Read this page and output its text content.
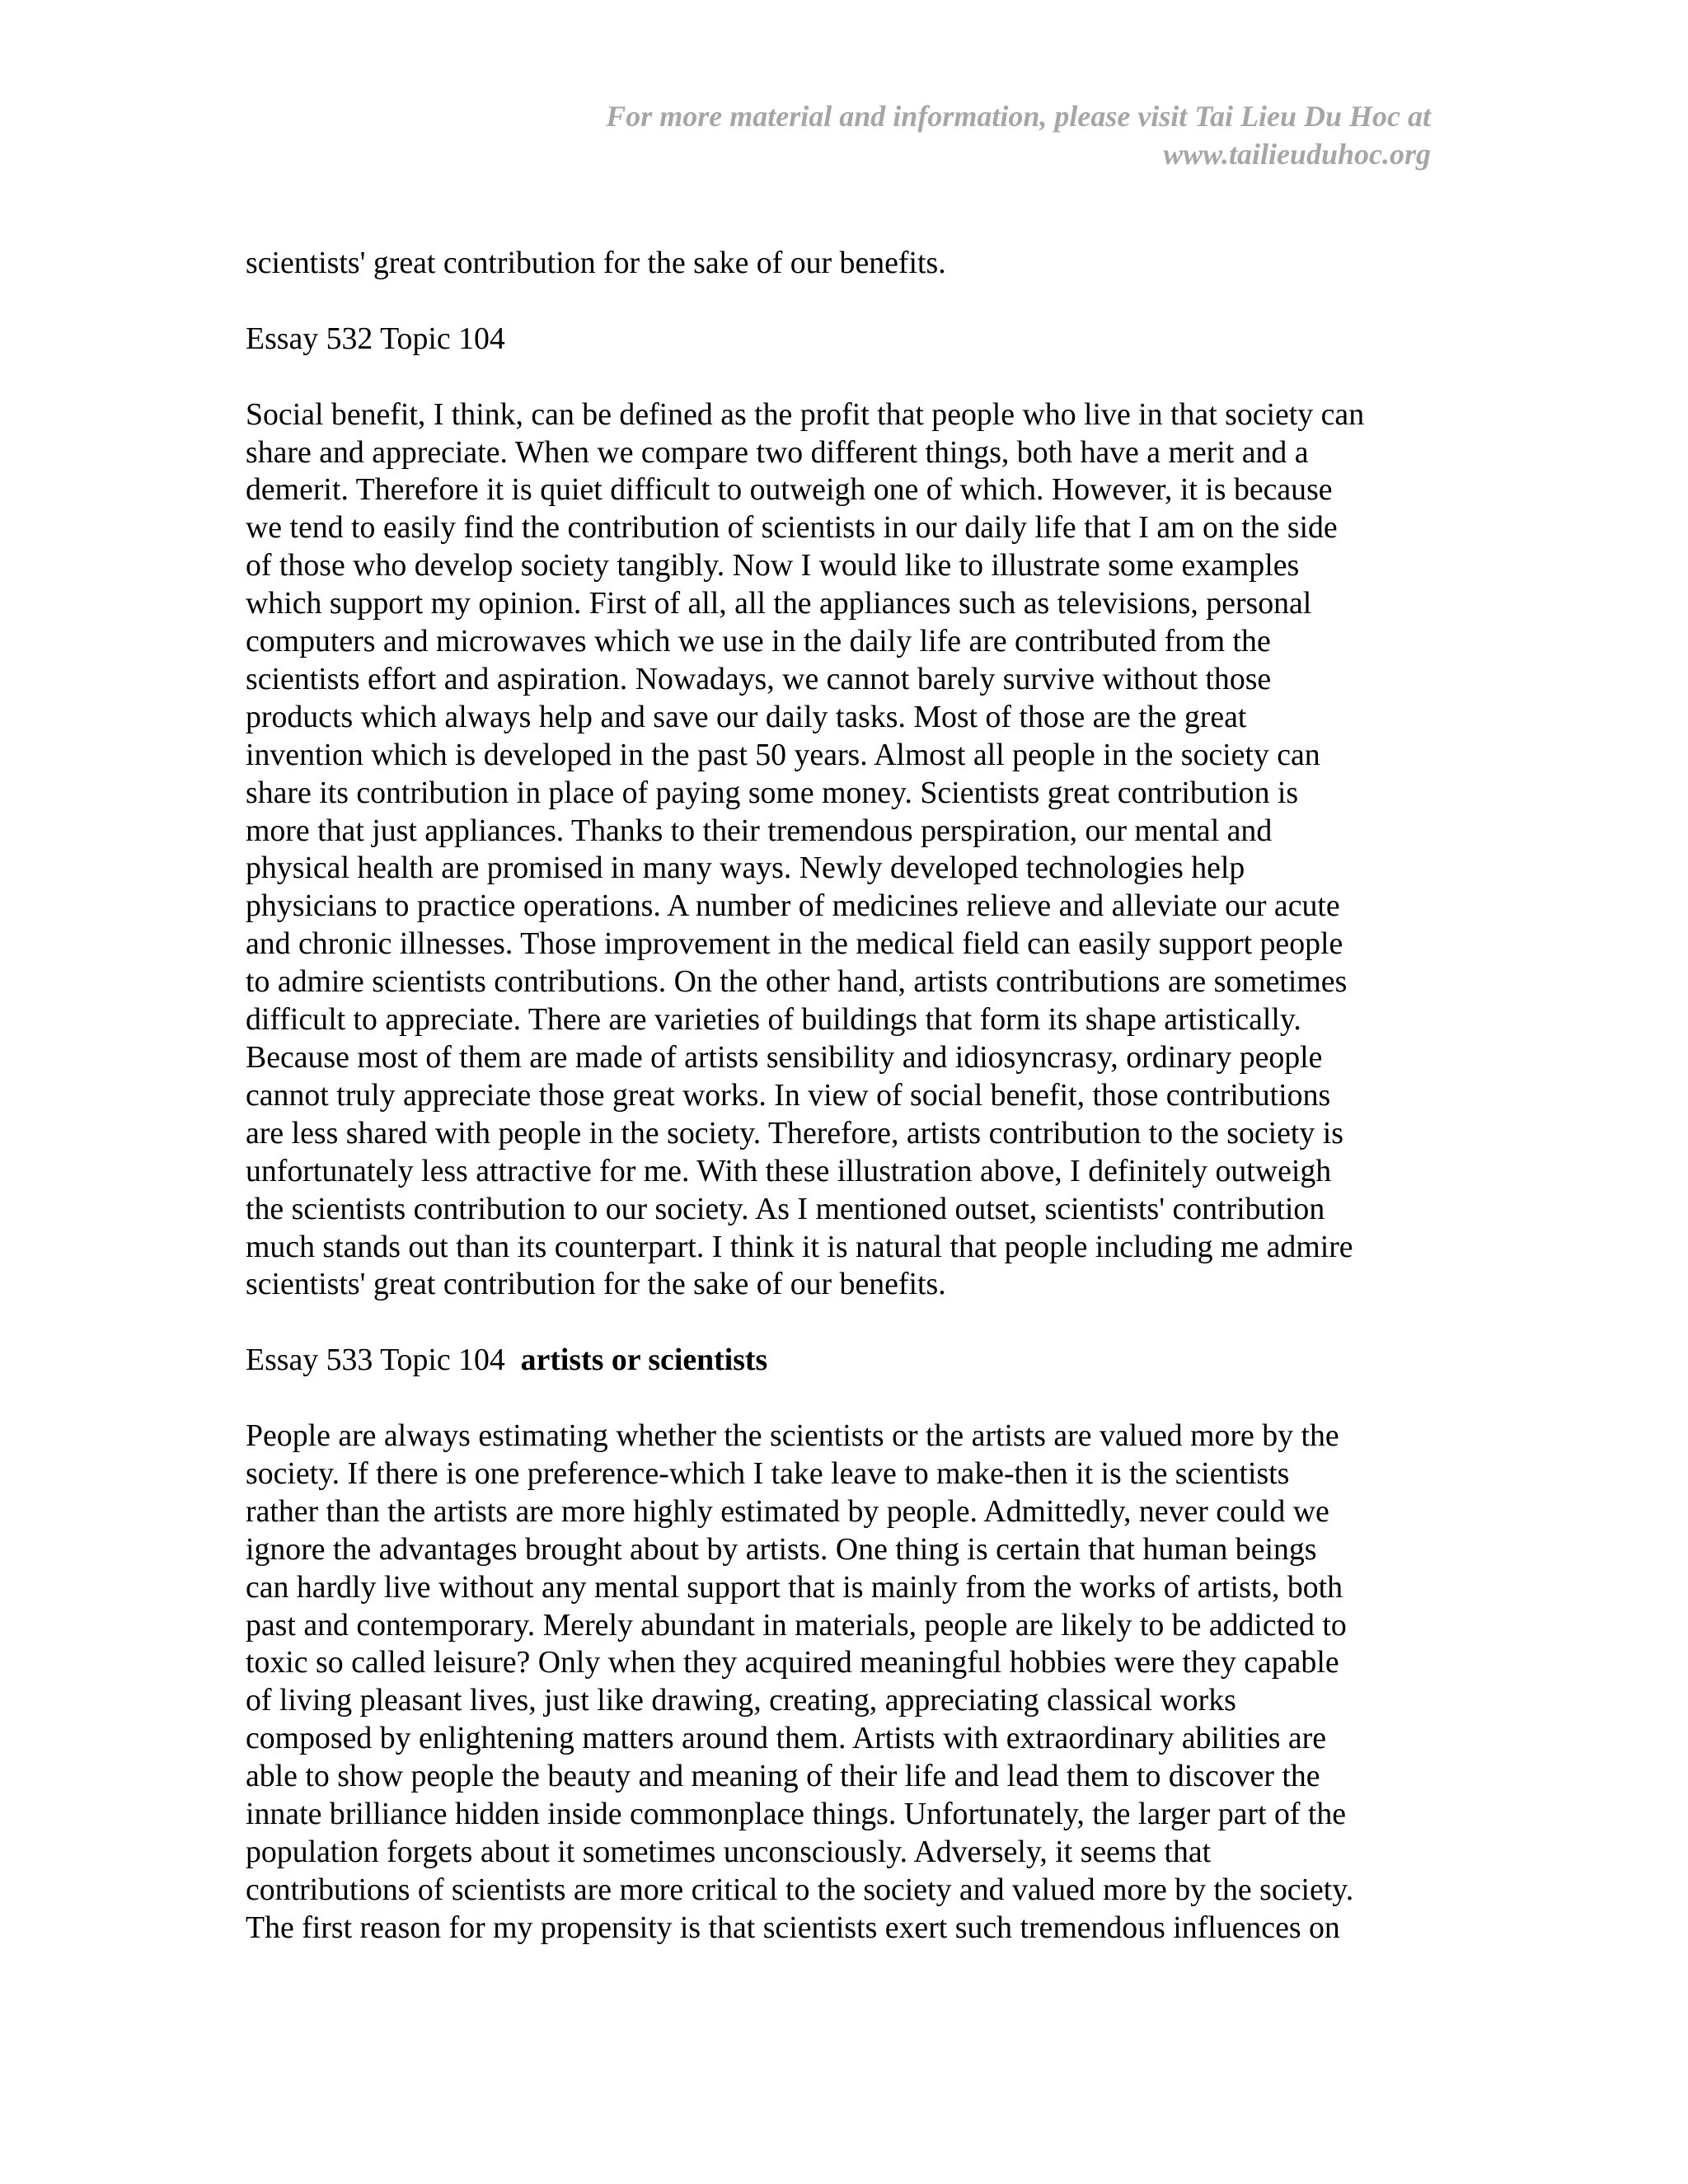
For more material and information, please visit Tai Lieu Du Hoc at
www.tailieuduhoc.org

scientists' great contribution for the sake of our benefits.

Essay 532 Topic 104

Social benefit, I think, can be defined as the profit that people who live in that society can

share and appreciate. When we compare two different things, both have a merit and a

demerit. Therefore it is quiet difficult to outweigh one of which. However, it is because

we tend to easily find the contribution of scientists in our daily life that I am on the side

of those who develop society tangibly. Now I would like to illustrate some examples

which support my opinion. First of all, all the appliances such as televisions, personal

computers and microwaves which we use in the daily life are contributed from the

scientists effort and aspiration. Nowadays, we cannot barely survive without those

products which always help and save our daily tasks. Most of those are the great

invention which is developed in the past 50 years. Almost all people in the society can

share its contribution in place of paying some money. Scientists great contribution is

more that just appliances. Thanks to their tremendous perspiration, our mental and

physical health are promised in many ways. Newly developed technologies help

physicians to practice operations. A number of medicines relieve and alleviate our acute

and chronic illnesses. Those improvement in the medical field can easily support people

to admire scientists contributions. On the other hand, artists contributions are sometimes

difficult to appreciate. There are varieties of buildings that form its shape artistically.

Because most of them are made of artists sensibility and idiosyncrasy, ordinary people

cannot truly appreciate those great works. In view of social benefit, those contributions

are less shared with people in the society. Therefore, artists contribution to the society is

unfortunately less attractive for me. With these illustration above, I definitely outweigh

the scientists contribution to our society. As I mentioned outset, scientists' contribution

much stands out than its counterpart. I think it is natural that people including me admire

scientists' great contribution for the sake of our benefits.

Essay 533 Topic 104 artists or scientists

People are always estimating whether the scientists or the artists are valued more by the

society. If there is one preference-which I take leave to make-then it is the scientists

rather than the artists are more highly estimated by people. Admittedly, never could we

ignore the advantages brought about by artists. One thing is certain that human beings

can hardly live without any mental support that is mainly from the works of artists, both

past and contemporary. Merely abundant in materials, people are likely to be addicted to

toxic so called leisure? Only when they acquired meaningful hobbies were they capable

of living pleasant lives, just like drawing, creating, appreciating classical works

composed by enlightening matters around them. Artists with extraordinary abilities are

able to show people the beauty and meaning of their life and lead them to discover the

innate brilliance hidden inside commonplace things. Unfortunately, the larger part of the

population forgets about it sometimes unconsciously. Adversely, it seems that

contributions of scientists are more critical to the society and valued more by the society.

The first reason for my propensity is that scientists exert such tremendous influences on
